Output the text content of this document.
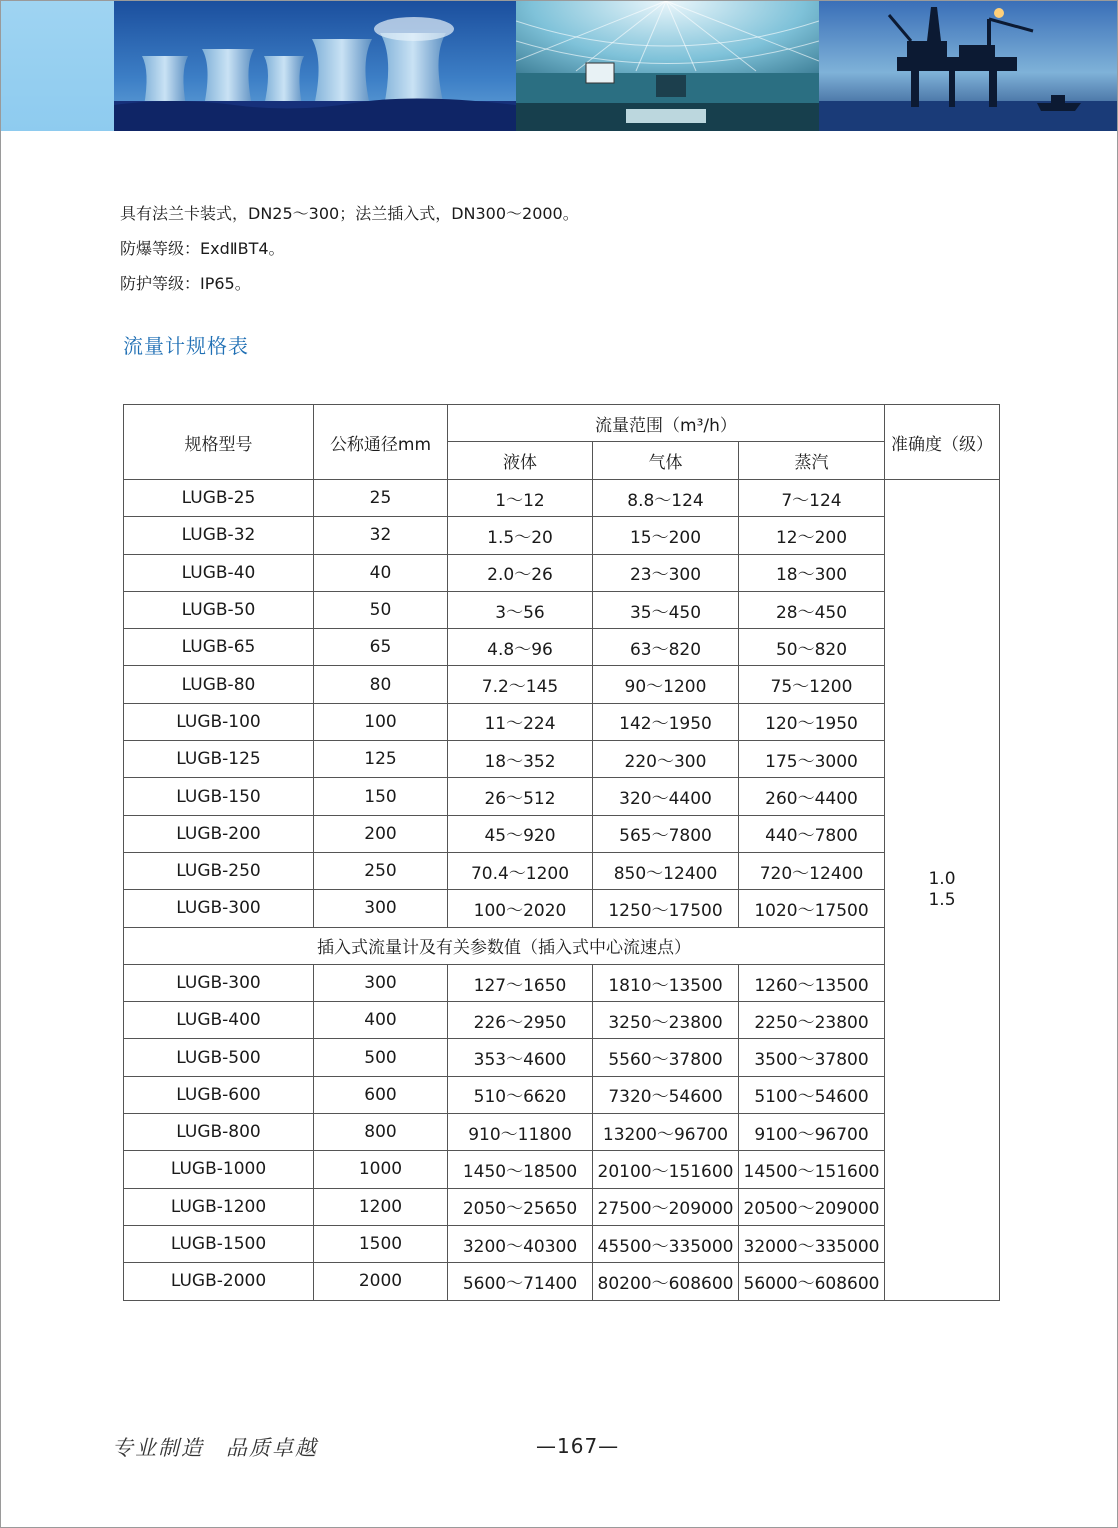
具有法兰卡装式，DN25～300；法兰插入式，DN300～2000。
防爆等级：ExdⅡBT4。
防护等级：IP65。
流量计规格表
规格型号	公称通径mm	流量范围（m³/h）			准确度（级）
		液体	气体	蒸汽	
LUGB-25	25	1～12	8.8～124	7～124	1.0
1.5

LUGB-32	32	1.5～20	15～200	12～200	
LUGB-40	40	2.0～26	23～300	18～300	
LUGB-50	50	3～56	35～450	28～450	
LUGB-65	65	4.8～96	63～820	50～820	
LUGB-80	80	7.2～145	90～1200	75～1200	
LUGB-100	100	11～224	142～1950	120～1950	
LUGB-125	125	18～352	220～300	175～3000	
LUGB-150	150	26～512	320～4400	260～4400	
LUGB-200	200	45～920	565～7800	440～7800	
LUGB-250	250	70.4～1200	850～12400	720～12400	
LUGB-300	300	100～2020	1250～17500	1020～17500	
插入式流量计及有关参数值（插入式中心流速点）					
LUGB-300	300	127～1650	1810～13500	1260～13500	
LUGB-400	400	226～2950	3250～23800	2250～23800	
LUGB-500	500	353～4600	5560～37800	3500～37800	
LUGB-600	600	510～6620	7320～54600	5100～54600	
LUGB-800	800	910～11800	13200～96700	9100～96700	
LUGB-1000	1000	1450～18500	20100～151600	14500～151600	
LUGB-1200	1200	2050～25650	27500～209000	20500～209000	
LUGB-1500	1500	3200～40300	45500～335000	32000～335000	
LUGB-2000	2000	5600～71400	80200～608600	56000～608600	
专业制造 品质卓越	—167—
